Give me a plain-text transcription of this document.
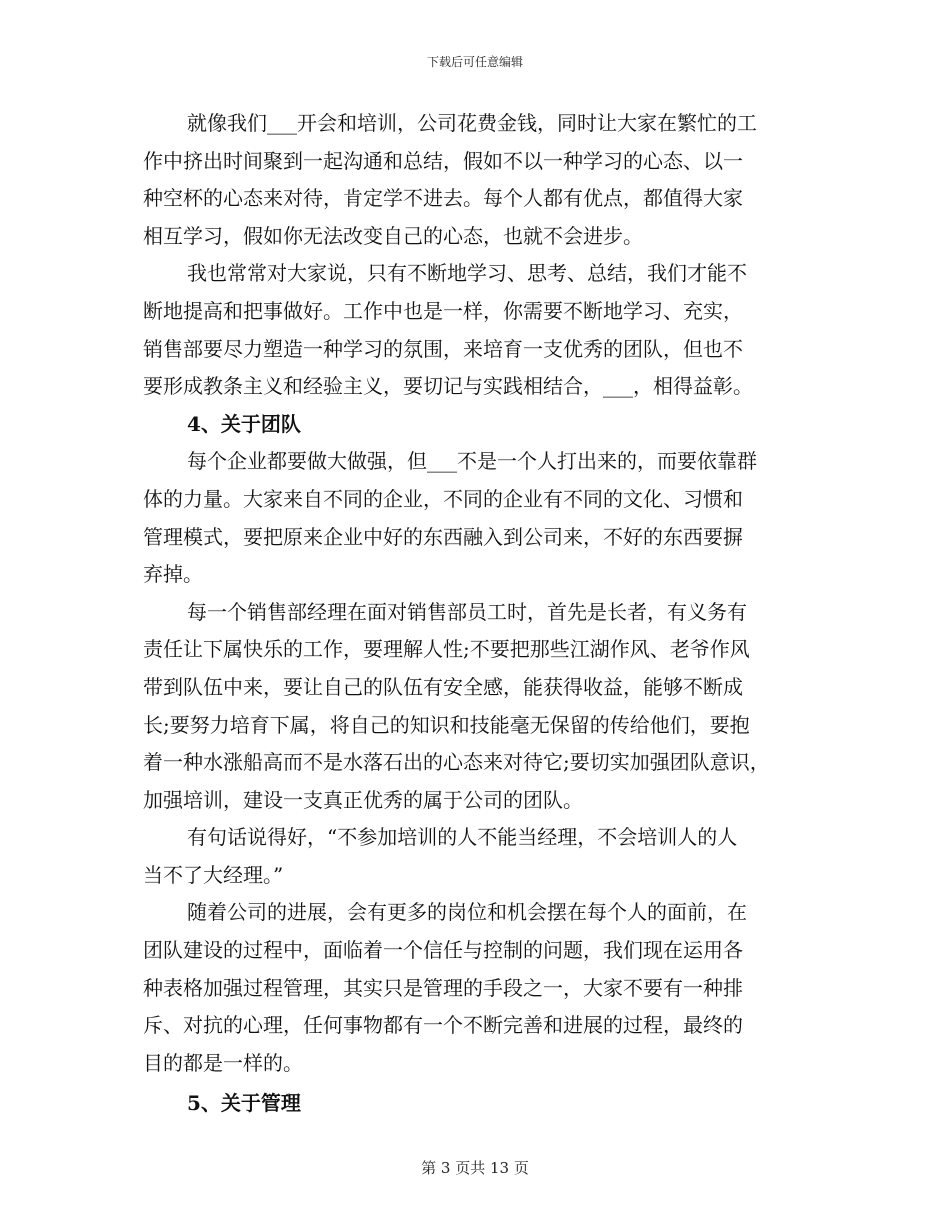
下载后可任意编辑
就像我们___开会和培训，公司花费金钱，同时让大家在繁忙的工
作中挤出时间聚到一起沟通和总结，假如不以一种学习的心态、以一
种空杯的心态来对待，肯定学不进去。每个人都有优点，都值得大家
相互学习，假如你无法改变自己的心态，也就不会进步。
我也常常对大家说，只有不断地学习、思考、总结，我们才能不
断地提高和把事做好。工作中也是一样，你需要不断地学习、充实，
销售部要尽力塑造一种学习的氛围，来培育一支优秀的团队，但也不
要形成教条主义和经验主义，要切记与实践相结合，___，相得益彰。
4、关于团队
每个企业都要做大做强，但___不是一个人打出来的，而要依靠群
体的力量。大家来自不同的企业，不同的企业有不同的文化、习惯和
管理模式，要把原来企业中好的东西融入到公司来，不好的东西要摒
弃掉。
每一个销售部经理在面对销售部员工时，首先是长者，有义务有
责任让下属快乐的工作，要理解人性;不要把那些江湖作风、老爷作风
带到队伍中来，要让自己的队伍有安全感，能获得收益，能够不断成
长;要努力培育下属，将自己的知识和技能毫无保留的传给他们，要抱
着一种水涨船高而不是水落石出的心态来对待它;要切实加强团队意识，
加强培训，建设一支真正优秀的属于公司的团队。
有句话说得好，“不参加培训的人不能当经理，不会培训人的人
当不了大经理。”
随着公司的进展，会有更多的岗位和机会摆在每个人的面前，在
团队建设的过程中，面临着一个信任与控制的问题，我们现在运用各
种表格加强过程管理，其实只是管理的手段之一，大家不要有一种排
斥、对抗的心理，任何事物都有一个不断完善和进展的过程，最终的
目的都是一样的。
5、关于管理
第 3 页共 13 页
